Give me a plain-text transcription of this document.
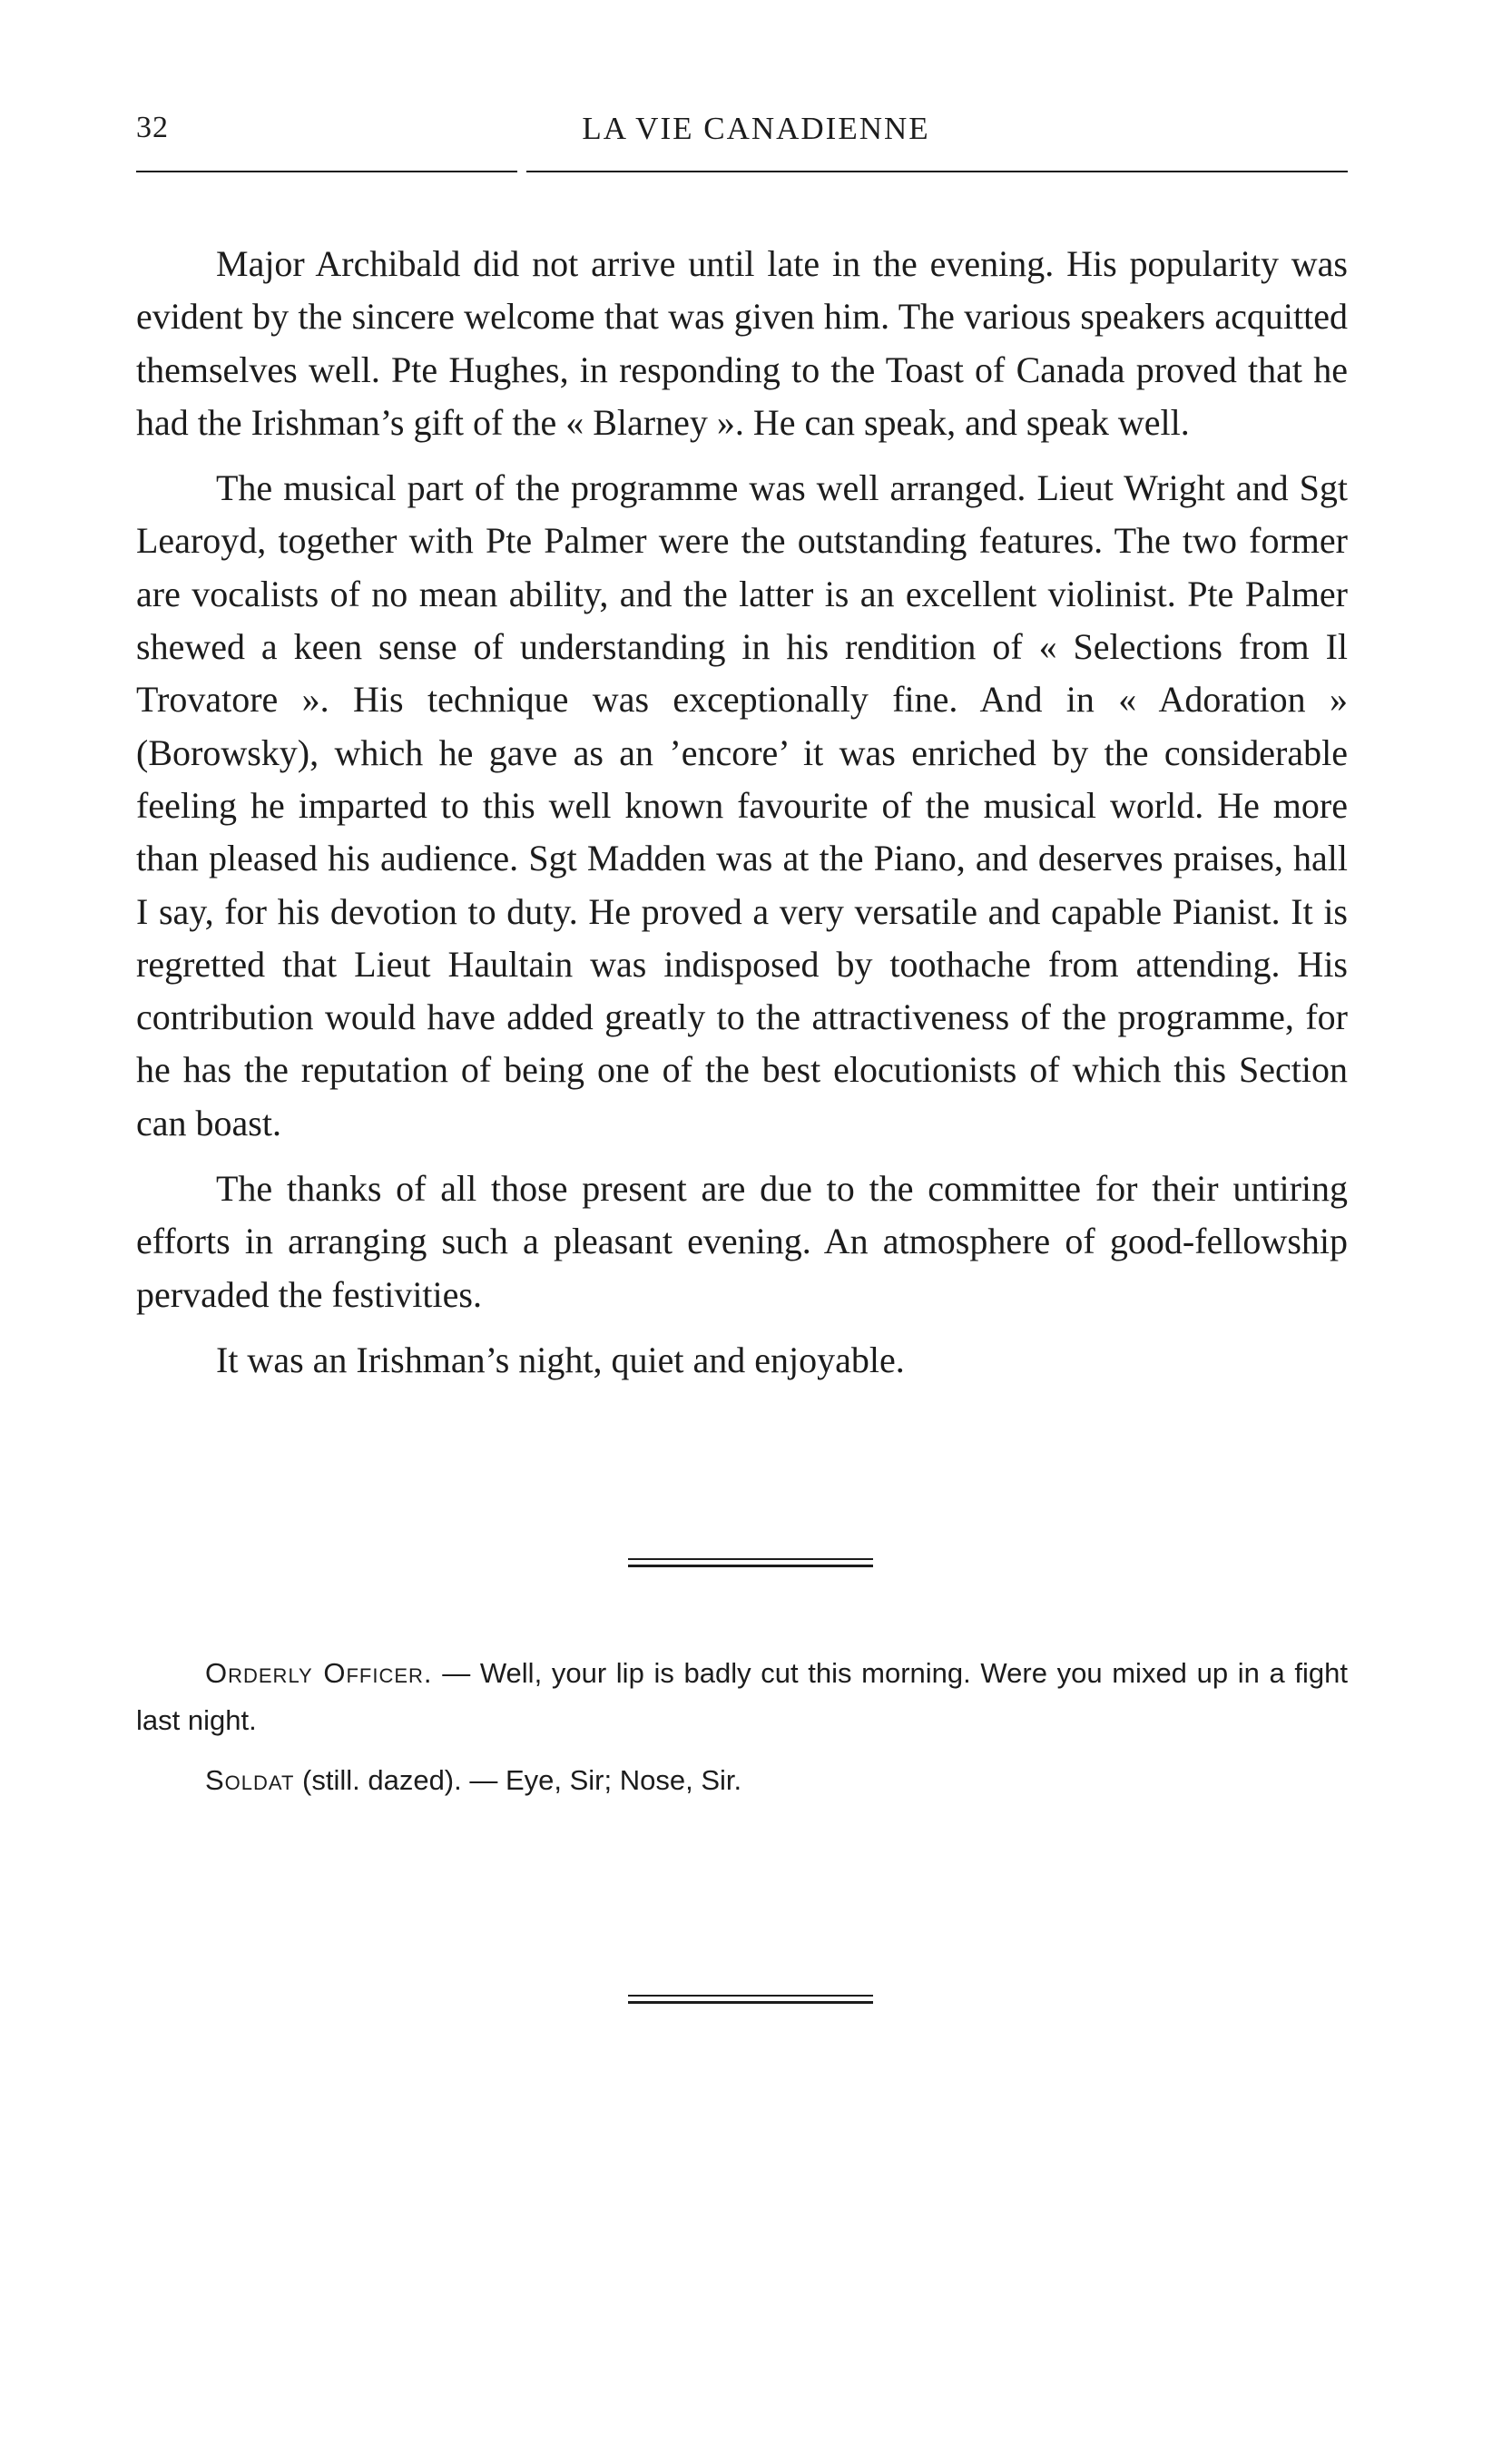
32	LA VIE CANADIENNE

Major Archibald did not arrive until late in the evening. His popularity was evident by the sincere welcome that was given him. The various speakers acquitted themselves well. Pte Hughes, in responding to the Toast of Canada proved that he had the Irishman’s gift of the « Blarney ». He can speak, and speak well.

The musical part of the programme was well arranged. Lieut Wright and Sgt Learoyd, together with Pte Palmer were the outstanding features. The two former are vocalists of no mean ability, and the latter is an excellent violinist. Pte Palmer shewed a keen sense of understanding in his rendition of « Selections from Il Trovatore ». His technique was exceptionally fine. And in « Adoration » (Borowsky), which he gave as an ’encore’ it was enriched by the considerable feeling he imparted to this well known favourite of the musical world. He more than pleased his audience. Sgt Madden was at the Piano, and deserves praises, hall I say, for his devotion to duty. He proved a very versatile and capable Pianist. It is regretted that Lieut Haultain was indisposed by toothache from attending. His contribution would have added greatly to the attractiveness of the programme, for he has the reputation of being one of the best elocutionists of which this Section can boast.

The thanks of all those present are due to the committee for their untiring efforts in arranging such a pleasant evening. An atmosphere of good-fellowship pervaded the festivities.

It was an Irishman’s night, quiet and enjoyable.

Orderly Officer. — Well, your lip is badly cut this morning. Were you mixed up in a fight last night.

Soldat (still. dazed). — Eye, Sir; Nose, Sir.
